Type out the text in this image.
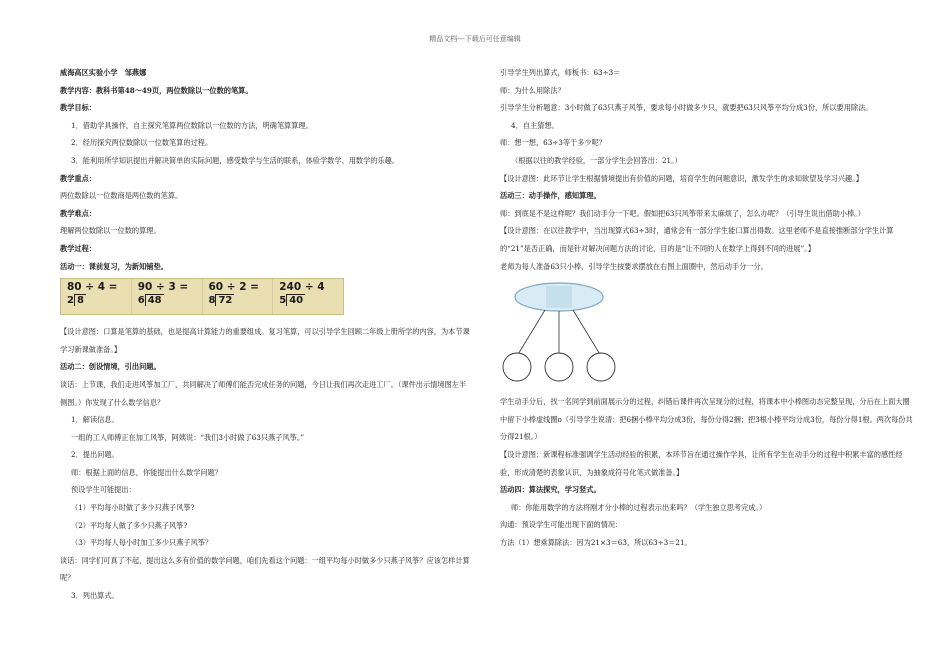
精品文档---下载后可任意编辑

威海高区实验小学　邹燕娜

教学内容：教科书第48～49页，两位数除以一位数的笔算。

教学目标：

1．借助学具操作，自主探究笔算两位数除以一位数的方法，明确笔算算理。

2．经历探究两位数除以一位数笔算的过程。

3．能利用所学知识提出并解决简单的实际问题，感受数学与生活的联系，体验学数学、用数学的乐趣。

教学重点：

两位数除以一位数商是两位数的笔算。

教学难点：

理解两位数除以一位数的算理。

教学过程：

活动一：课前复习，为新知铺垫。

80 ÷ 4 =
2 8
90 ÷ 3 =
6 48
60 ÷ 2 =
8 72
240 ÷ 4
5 40

【设计意图：口算是笔算的基础，也是提高计算能力的重要组成。复习笔算，可以引导学生回顾二年级上册所学的内容，为本节课学习新课做准备。】

活动二：创设情境，引出问题。

谈话：上节课，我们走进风筝加工厂，共同解决了师傅们能否完成任务的问题，今日让我们再次走进工厂。（课件出示情境图左半侧图。）你发现了什么数学信息？

1．解读信息。

一组的工人师傅正在加工风筝，阿姨说：“我们3小时做了63只燕子风筝。”

2．提出问题。

师：根据上面的信息，你能提出什么数学问题？

预设学生可能提出：

（1）平均每小时做了多少只燕子风筝?

（2）平均每人做了多少只燕子风筝?

（3）平均每人每小时加工多少只燕子风筝？

谈话：同学们可真了不起，提出这么多有价值的数学问题，咱们先看这个问题：一组平均每小时做多少只燕子风筝？应该怎样计算呢？

3．列出算式。

引导学生列出算式，师板书：63÷3＝

师：为什么用除法？

引导学生分析题意：3小时做了63只燕子风筝，要求每小时做多少只，就要把63只风筝平均分成3份，所以要用除法。

4．自主猜想。

师：想一想，63÷3等于多少呢？

（根据以往的教学经验，一部分学生会回答出：21。）

【设计意图：此环节让学生根据情境提出有价值的问题，培育学生的问题意识，激发学生的求知欲望及学习兴趣。】

活动三：动手操作，感知算理。

师：到底是不是这样呢？我们动手分一下吧。假如把63只风筝带来太麻烦了，怎么办呢？（引导生说出借助小棒。）

【设计意图：在以往教学中，当出现算式63÷3时，通常会有一部分学生能口算出得数。这里老师不是直接推断部分学生计算的“21”是否正确，而是针对解决问题方法的讨论，目的是“让不同的人在数学上得到不同的进展”。】

老师为每人准备63只小棒，引导学生按要求摆放在右图上面圈中，然后动手分一分。

学生动手分后，找一名同学到前面展示分的过程，纠错后课件再次呈现分的过程，将课本中小棒图动态完整呈现，分后在上面大圈中留下小棒虚线圈o（引导学生说清：把6捆小棒平均分成3份，每份分得2捆；把3根小棒平均分成3份，每份分得1根。两次每份共分得21根。）

【设计意图：新课程标准强调学生活动经验的积累，本环节旨在通过操作学具，让所有学生在动手分的过程中积累丰富的感性经验，形成清楚的表象认识，为抽象成符号化笔式做准备。】

活动四：算法探究，学习竖式。

师：你能用数学的方法将刚才分小棒的过程表示出来吗？（学生独立思考完成。）

沟通：预设学生可能出现下面的情况：

方法（1）想乘算除法：因为21×3＝63，所以63÷3＝21。
